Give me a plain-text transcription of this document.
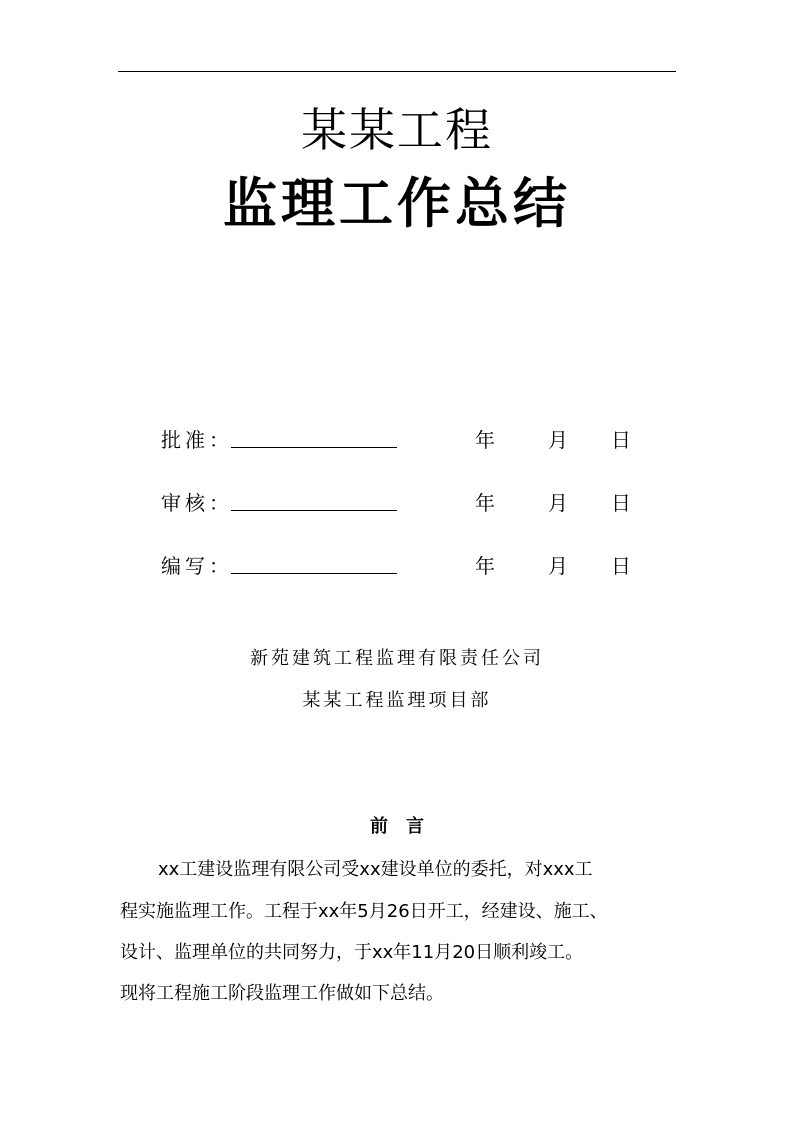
某某工程
监理工作总结
批准：	年	月 日
审核：	年	月 日
编写：	年	月 日
新苑建筑工程监理有限责任公司
某某工程监理项目部
前　言
xx工建设监理有限公司受xx建设单位的委托，对xxx工
程实施监理工作。工程于xx年5月26日开工，经建设、施工、
设计、监理单位的共同努力，于xx年11月20日顺利竣工。
现将工程施工阶段监理工作做如下总结。
